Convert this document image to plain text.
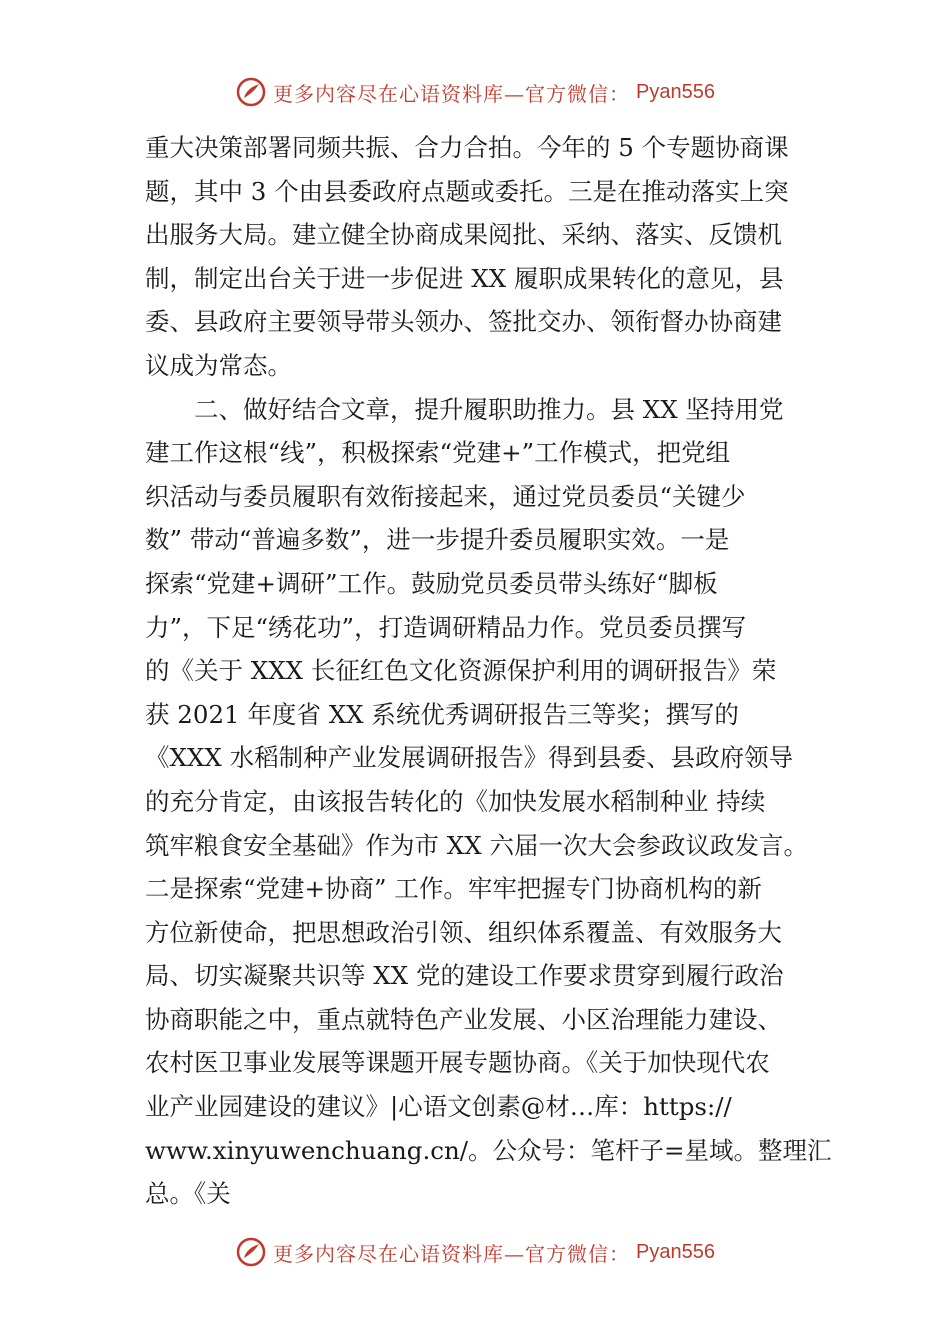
更多内容尽在心语资料库—官方微信： Pyan556
重大决策部署同频共振、合力合拍。今年的 5 个专题协商课
题，其中 3 个由县委政府点题或委托。三是在推动落实上突
出服务大局。建立健全协商成果阅批、采纳、落实、反馈机
制，制定出台关于进一步促进 XX 履职成果转化的意见，县
委、县政府主要领导带头领办、签批交办、领衔督办协商建
议成为常态。
　　二、做好结合文章，提升履职助推力。县 XX 坚持用党
建工作这根“线”，积极探索“党建+”工作模式，把党组
织活动与委员履职有效衔接起来，通过党员委员“关键少
数” 带动“普遍多数”，进一步提升委员履职实效。一是
探索“党建+调研”工作。鼓励党员委员带头练好“脚板
力”，下足“绣花功”，打造调研精品力作。党员委员撰写
的《关于 XXX 长征红色文化资源保护利用的调研报告》荣
获 2021 年度省 XX 系统优秀调研报告三等奖；撰写的
《XXX 水稻制种产业发展调研报告》得到县委、县政府领导
的充分肯定，由该报告转化的《加快发展水稻制种业 持续
筑牢粮食安全基础》作为市 XX 六届一次大会参政议政发言。
二是探索“党建+协商” 工作。牢牢把握专门协商机构的新
方位新使命，把思想政治引领、组织体系覆盖、有效服务大
局、切实凝聚共识等 XX 党的建设工作要求贯穿到履行政治
协商职能之中，重点就特色产业发展、小区治理能力建设、
农村医卫事业发展等课题开展专题协商。《关于加快现代农
业产业园建设的建议》|心语文创素@材…库：https://
www.xinyuwenchuang.cn/。公众号：笔杆子=星域。整理汇
总。《关
更多内容尽在心语资料库—官方微信： Pyan556
